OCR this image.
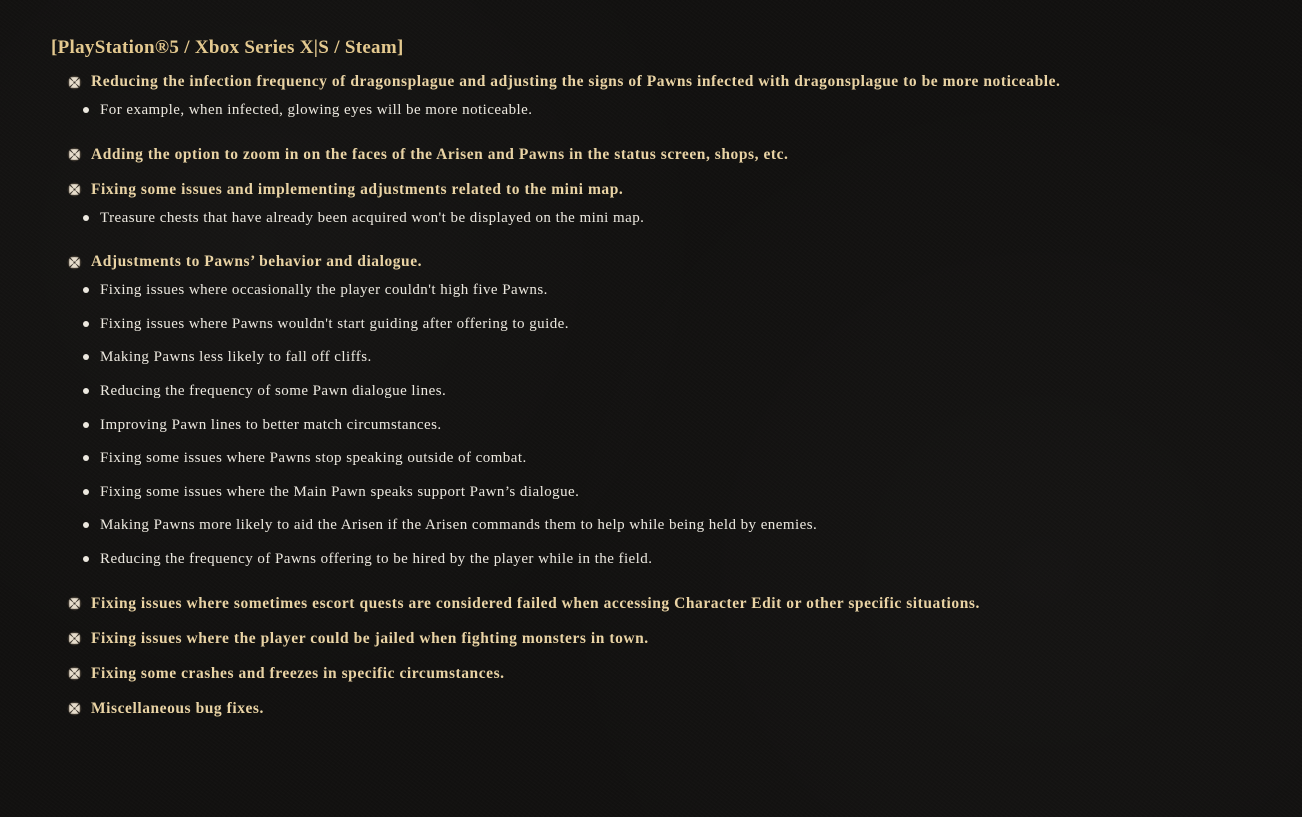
[PlayStation®5 / Xbox Series X|S / Steam]
Reducing the infection frequency of dragonsplague and adjusting the signs of Pawns infected with dragonsplague to be more noticeable.
For example, when infected, glowing eyes will be more noticeable.
Adding the option to zoom in on the faces of the Arisen and Pawns in the status screen, shops, etc.
Fixing some issues and implementing adjustments related to the mini map.
Treasure chests that have already been acquired won't be displayed on the mini map.
Adjustments to Pawns’ behavior and dialogue.
Fixing issues where occasionally the player couldn't high five Pawns.
Fixing issues where Pawns wouldn't start guiding after offering to guide.
Making Pawns less likely to fall off cliffs.
Reducing the frequency of some Pawn dialogue lines.
Improving Pawn lines to better match circumstances.
Fixing some issues where Pawns stop speaking outside of combat.
Fixing some issues where the Main Pawn speaks support Pawn’s dialogue.
Making Pawns more likely to aid the Arisen if the Arisen commands them to help while being held by enemies.
Reducing the frequency of Pawns offering to be hired by the player while in the field.
Fixing issues where sometimes escort quests are considered failed when accessing Character Edit or other specific situations.
Fixing issues where the player could be jailed when fighting monsters in town.
Fixing some crashes and freezes in specific circumstances.
Miscellaneous bug fixes.
